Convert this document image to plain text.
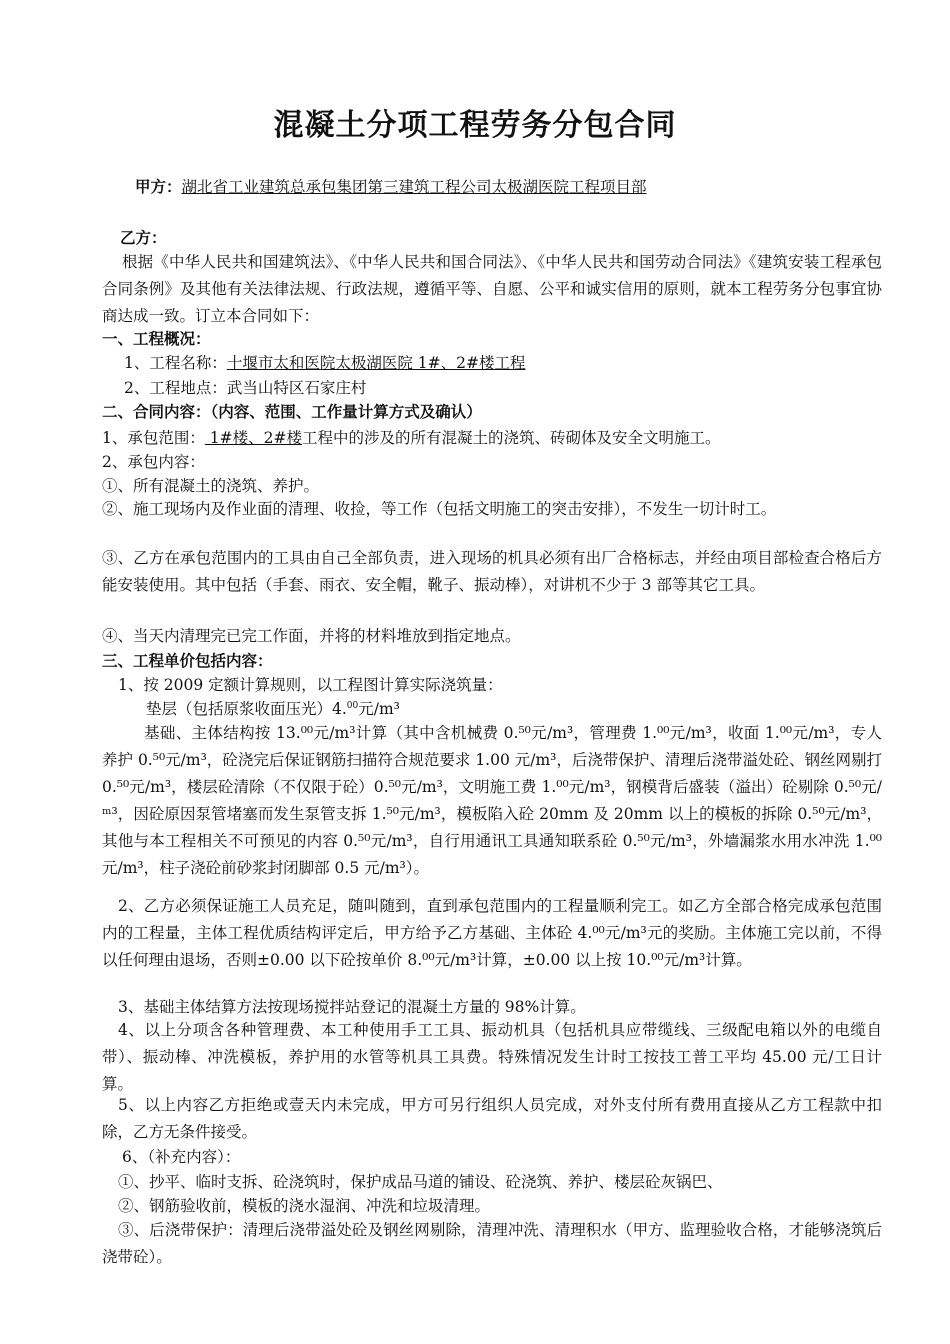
混凝土分项工程劳务分包合同
甲方：湖北省工业建筑总承包集团第三建筑工程公司太极湖医院工程项目部
乙方：
根据《中华人民共和国建筑法》、《中华人民共和国合同法》、《中华人民共和国劳动合同法》《建筑安装工程承包合同条例》及其他有关法律法规、行政法规，遵循平等、自愿、公平和诚实信用的原则，就本工程劳务分包事宜协商达成一致。订立本合同如下：
一、工程概况：
1、工程名称：十堰市太和医院太极湖医院 1#、2#楼工程
2、工程地点：武当山特区石家庄村
二、合同内容：（内容、范围、工作量计算方式及确认）
1、承包范围： 1#楼、2#楼工程中的涉及的所有混凝土的浇筑、砖砌体及安全文明施工。
2、承包内容：
①、所有混凝土的浇筑、养护。
②、施工现场内及作业面的清理、收捡，等工作（包括文明施工的突击安排），不发生一切计时工。
③、乙方在承包范围内的工具由自己全部负责，进入现场的机具必须有出厂合格标志，并经由项目部检查合格后方能安装使用。其中包括（手套、雨衣、安全帽，靴子、振动棒），对讲机不少于 3 部等其它工具。
④、当天内清理完已完工作面，并将的材料堆放到指定地点。
三、工程单价包括内容：
1、按 2009 定额计算规则，以工程图计算实际浇筑量：
垫层（包括原浆收面压光）4.00元/m³
基础、主体结构按 13.⁰⁰元/m³计算（其中含机械费 0.⁵⁰元/m³，管理费 1.⁰⁰元/m³，收面 1.⁰⁰元/m³，专人养护 0.⁵⁰元/m³，砼浇完后保证钢筋扫描符合规范要求 1.00 元/m³，后浇带保护、清理后浇带溢处砼、钢丝网剔打 0.⁵⁰元/m³，楼层砼清除（不仅限于砼）0.⁵⁰元/m³，文明施工费 1.⁰⁰元/m³，钢模背后盛装（溢出）砼剔除 0.⁵⁰元/ᵐ³，因砼原因泵管堵塞而发生泵管支拆 1.⁵⁰元/m³，模板陷入砼 20mm 及 20mm 以上的模板的拆除 0.⁵⁰元/m³，其他与本工程相关不可预见的内容 0.⁵⁰元/m³，自行用通讯工具通知联系砼 0.⁵⁰元/m³，外墙漏浆水用水冲洗 1.⁰⁰元/m³，柱子浇砼前砂浆封闭脚部 0.5 元/m³）。
2、乙方必须保证施工人员充足，随叫随到，直到承包范围内的工程量顺利完工。如乙方全部合格完成承包范围内的工程量，主体工程优质结构评定后，甲方给予乙方基础、主体砼 4.⁰⁰元/m³元的奖励。主体施工完以前，不得以任何理由退场，否则±0.00 以下砼按单价 8.⁰⁰元/m³计算，±0.00 以上按 10.⁰⁰元/m³计算。
3、基础主体结算方法按现场搅拌站登记的混凝土方量的 98%计算。
4、以上分项含各种管理费、本工种使用手工工具、振动机具（包括机具应带缆线、三级配电箱以外的电缆自带）、振动棒、冲洗模板，养护用的水管等机具工具费。特殊情况发生计时工按技工普工平均 45.00 元/工日计算。
5、以上内容乙方拒绝或壹天内未完成，甲方可另行组织人员完成，对外支付所有费用直接从乙方工程款中扣除，乙方无条件接受。
6、（补充内容）：
①、抄平、临时支拆、砼浇筑时，保护成品马道的铺设、砼浇筑、养护、楼层砼灰锅巴、
②、钢筋验收前，模板的浇水湿润、冲洗和垃圾清理。
③、后浇带保护：清理后浇带溢处砼及钢丝网剔除，清理冲洗、清理积水（甲方、监理验收合格，才能够浇筑后浇带砼）。
